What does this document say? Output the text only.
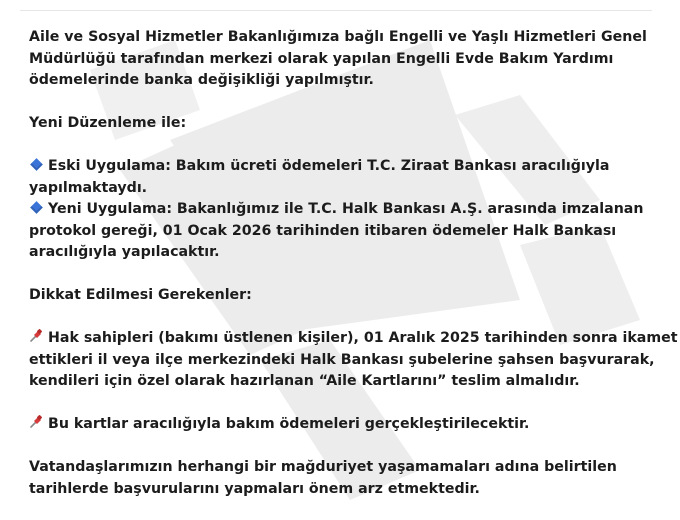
Aile ve Sosyal Hizmetler Bakanlığımıza bağlı Engelli ve Yaşlı Hizmetleri Genel

Müdürlüğü tarafından merkezi olarak yapılan Engelli Evde Bakım Yardımı

ödemelerinde banka değişikliği yapılmıştır.

Yeni Düzenleme ile:

Eski Uygulama: Bakım ücreti ödemeleri T.C. Ziraat Bankası aracılığıyla

yapılmaktaydı.

Yeni Uygulama: Bakanlığımız ile T.C. Halk Bankası A.Ş. arasında imzalanan

protokol gereği, 01 Ocak 2026 tarihinden itibaren ödemeler Halk Bankası

aracılığıyla yapılacaktır.

Dikkat Edilmesi Gerekenler:

Hak sahipleri (bakımı üstlenen kişiler), 01 Aralık 2025 tarihinden sonra ikamet

ettikleri il veya ilçe merkezindeki Halk Bankası şubelerine şahsen başvurarak,

kendileri için özel olarak hazırlanan “Aile Kartlarını” teslim almalıdır.

Bu kartlar aracılığıyla bakım ödemeleri gerçekleştirilecektir.

Vatandaşlarımızın herhangi bir mağduriyet yaşamamaları adına belirtilen

tarihlerde başvurularını yapmaları önem arz etmektedir.
